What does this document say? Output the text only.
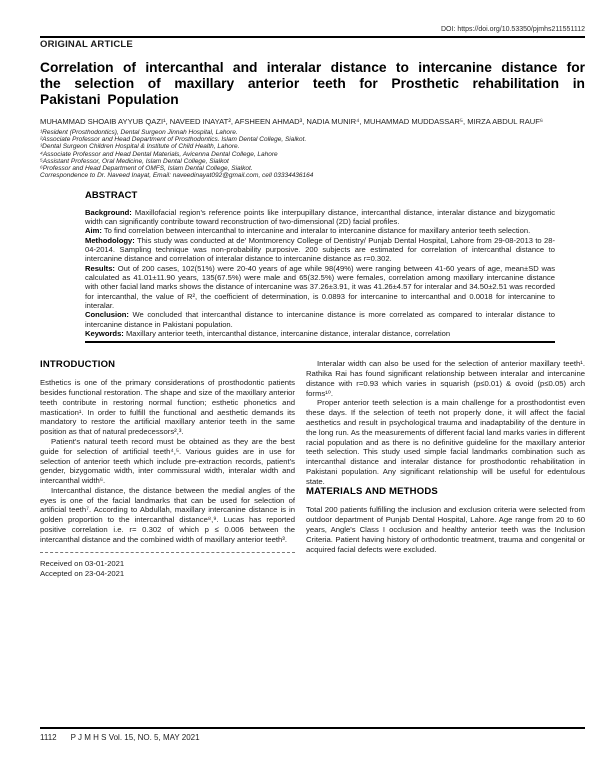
DOI: https://doi.org/10.53350/pjmhs211551112
ORIGINAL ARTICLE
Correlation of intercanthal and interalar distance to intercanine distance for the selection of maxillary anterior teeth for Prosthetic rehabilitation in Pakistani Population
MUHAMMAD SHOAIB AYYUB QAZI¹, NAVEED INAYAT², AFSHEEN AHMAD³, NADIA MUNIR⁴, MUHAMMAD MUDDASSAR⁵, MIRZA ABDUL RAUF⁶
¹Resident (Prosthodontics), Dental Surgeon Jinnah Hospital, Lahore.
²Associate Professor and Head Department of Prosthodontics. Islam Dental College, Sialkot.
³Dental Surgeon Children Hospital & Institute of Child Health, Lahore.
⁴Associate Professor and Head Dental Materials, Avicenna Dental College, Lahore
⁵Assistant Professor, Oral Medicine, Islam Dental College, Sialkot
⁶Professor and Head Department of OMFS, Islam Dental College, Sialkot.
Correspondence to Dr. Naveed Inayat, Email: naveedinayat092@gmail.com, cell 03334436164
ABSTRACT

Background: Maxillofacial region's reference points like interpupillary distance, intercanthal distance, interalar distance and bizygomatic width can significantly contribute toward reconstruction of two-dimensional (2D) facial profiles.

Aim: To find correlation between intercanthal to intercanine and interalar to intercanine distance for maxillary anterior teeth selection.

Methodology: This study was conducted at de' Montmorency College of Dentistry/ Punjab Dental Hospital, Lahore from 29-08-2013 to 28-04-2014. Sampling technique was non-probability purposive. 200 subjects are estimated for correlation of intercanthal distance to intercanine distance and correlation of interalar distance to intercanine distance as r=0.302.

Results: Out of 200 cases, 102(51%) were 20-40 years of age while 98(49%) were ranging between 41-60 years of age, mean±SD was calculated as 41.01±11.90 years, 135(67.5%) were male and 65(32.5%) were females, correlation among maxillary intercanine distance with other facial land marks shows the distance of intercanine was 37.26±3.91, it was 41.26±4.57 for interalar and 34.50±2.51 was recorded for intercanthal, the value of R², the coefficient of determination, is 0.0893 for intercanine to intercanthal and 0.0018 for intercanine to interalar.

Conclusion: We concluded that intercanthal distance to intercanine distance is more correlated as compared to interalar distance to intercanine distance in Pakistani population.

Keywords: Maxillary anterior teeth, intercanthal distance, intercanine distance, interalar distance, correlation

INTRODUCTION

Esthetics is one of the primary considerations of prosthodontic patients besides functional restoration. The shape and size of the maxillary anterior teeth contribute in restoring normal function; esthetic phonetics and mastication¹. In order to fulfill the functional and aesthetic demands its mandatory to restore the artificial maxillary anterior teeth in the same position as that of natural predecessors²,³.

Patient's natural teeth record must be obtained as they are the best guide for selection of artificial teeth⁴,⁵. Various guides are in use for selection of anterior teeth which include pre-extraction records, patient's gender, bizygomatic width, inter commissural width, interalar width and intercanthal width⁶.

Intercanthal distance, the distance between the medial angles of the eyes is one of the facial landmarks that can be used for selection of artificial teeth⁷. According to Abdullah, maxillary intercanine distance is in golden proportion to the intercanthal distance⁸,⁹. Lucas has reported positive correlation i.e. r= 0.302 of which p ≤ 0.006 between the intercanthal distance and the combined width of maxillary anterior teeth³.

Received on 03-01-2021
Accepted on 23-04-2021

Interalar width can also be used for the selection of anterior maxillary teeth¹. Rathika Rai has found significant relationship between interalar and intercanine distance with r=0.93 which varies in squarish (p≤0.01) & ovoid (p≤0.05) arch forms¹⁰.

Proper anterior teeth selection is a main challenge for a prosthodontist even these days. If the selection of teeth not properly done, it will affect the facial aesthetics and result in psychological trauma and inadaptability of the denture in the long run. As the measurements of different facial land marks varies in different racial population and as there is no definitive guideline for the maxillary anterior teeth selection. This study used simple facial landmarks combination such as intercanthal distance and interalar distance for prosthodontic rehabilitation in Pakistani population. Any significant relationship will be useful for edentulous state.

MATERIALS AND METHODS

Total 200 patients fulfilling the inclusion and exclusion criteria were selected from outdoor department of Punjab Dental Hospital, Lahore. Age range from 20 to 60 years, Angle's Class I occlusion and healthy anterior teeth was the Inclusion Criteria. Patient having history of orthodontic treatment, trauma and congenital or acquired facial defects were excluded.

1112 P J M H S Vol. 15, NO. 5, MAY 2021
